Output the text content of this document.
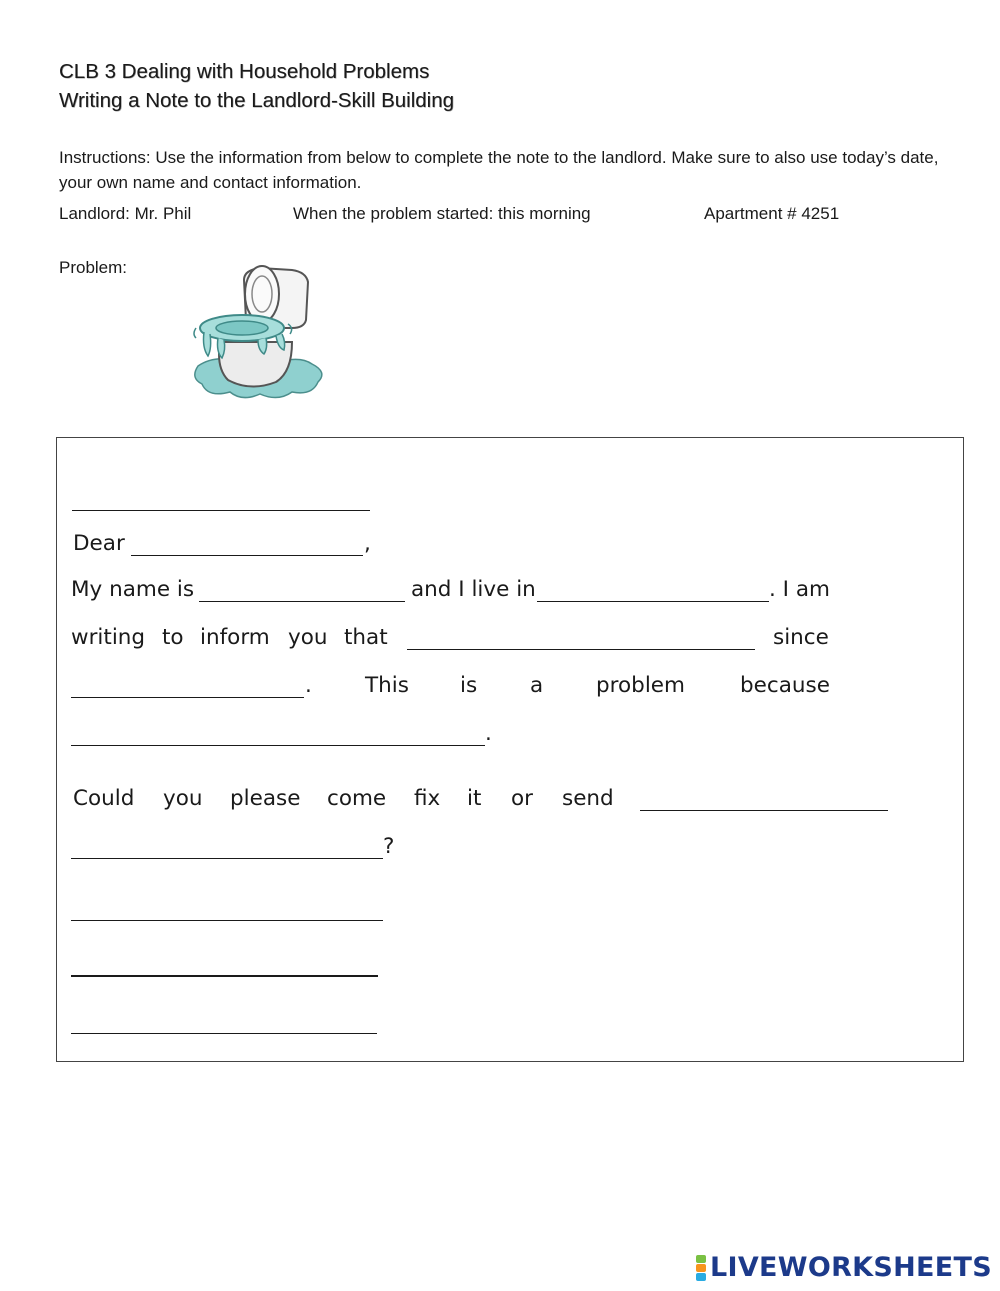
CLB 3 Dealing with Household Problems
Writing a Note to the Landlord-Skill Building
Instructions: Use the information from below to complete the note to the landlord. Make sure to also use today’s date, your own name and contact information.
Landlord: Mr. Phil	When the problem started: this morning	Apartment # 4251
Problem:
Dear	,
My name is	and I live in	. I am
writing to inform you that	since
. This is a problem	because
.
Could you please come fix it or send
?
LIVEWORKSHEETS
